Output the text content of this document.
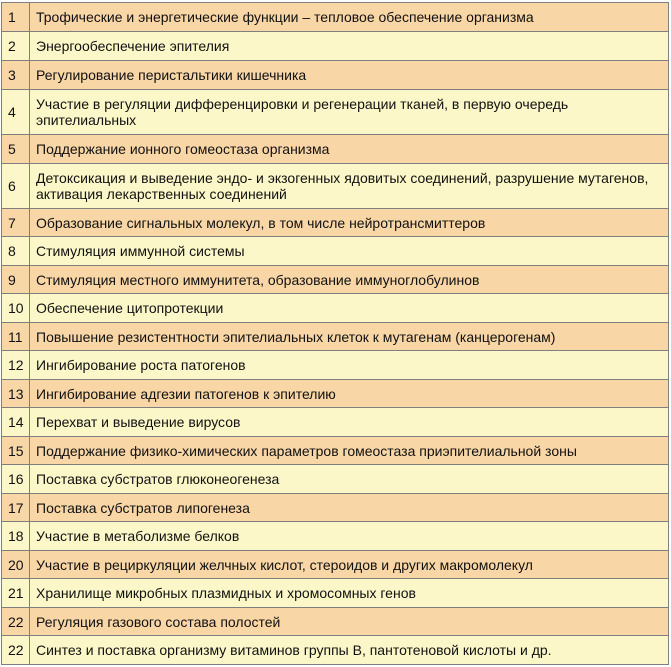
1	Трофические и энергетические функции – тепловое обеспечение организма
2	Энергообеспечение эпителия
3	Регулирование перистальтики кишечника
4	Участие в регуляции дифференцировки и регенерации тканей, в первую очередь эпителиальных
5	Поддержание ионного гомеостаза организма
6	Детоксикация и выведение эндо- и экзогенных ядовитых соединений, разрушение мутагенов, активация лекарственных соединений
7	Образование сигнальных молекул, в том числе нейротрансмиттеров
8	Стимуляция иммунной системы
9	Стимуляция местного иммунитета, образование иммуноглобулинов
10	Обеспечение цитопротекции
11	Повышение резистентности эпителиальных клеток к мутагенам (канцерогенам)
12	Ингибирование роста патогенов
13	Ингибирование адгезии патогенов к эпителию
14	Перехват и выведение вирусов
15	Поддержание физико-химических параметров гомеостаза приэпителиальной зоны
16	Поставка субстратов глюконеогенеза
17	Поставка субстратов липогенеза
18	Участие в метаболизме белков
20	Участие в рециркуляции желчных кислот, стероидов и других макромолекул
21	Хранилище микробных плазмидных и хромосомных генов
22	Регуляция газового состава полостей
22	Синтез и поставка организму витаминов группы В, пантотеновой кислоты и др.
